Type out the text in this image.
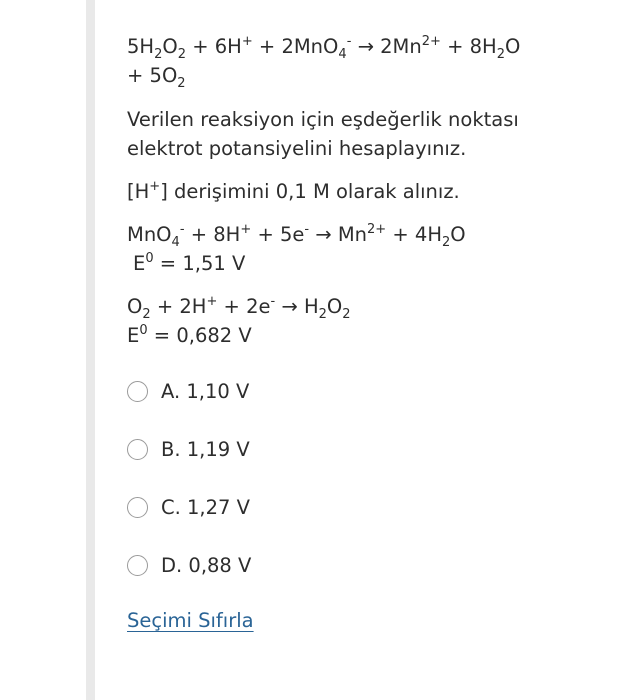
$5H_2O_2 + 6H^+ + 2MnO_4^- \to 2Mn^{2+} + 8H_2O$
+ $5O_2$
Verilen reaksiyon için eşdeğerlik noktası elektrot potansiyelini hesaplayınız.
[H+] derişimini 0,1 M olarak alınız.
$MnO_4^- + 8H^+ + 5e^- \to Mn^{2+} + 4H_2O$
$E^0 = 1,51$ V
$O_2 + 2H^+ + 2e^- \to H_2O_2$
$E^0 = 0,682$ V
A. 1,10 V
B. 1,19 V
C. 1,27 V
D. 0,88 V
Seçimi Sıfırla
